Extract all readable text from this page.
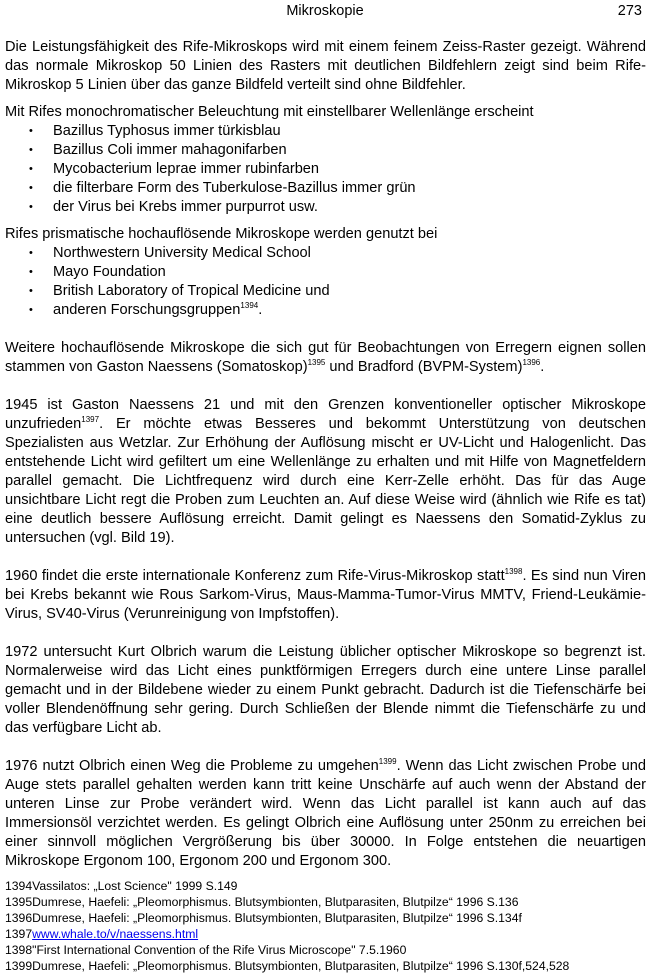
Mikroskopie	273

Die Leistungsfähigkeit des Rife-Mikroskops wird mit einem feinem Zeiss-Raster gezeigt. Während das normale Mikroskop 50 Linien des Rasters mit deutlichen Bildfehlern zeigt sind beim Rife-Mikroskop 5 Linien über das ganze Bildfeld verteilt sind ohne Bildfehler.

Mit Rifes monochromatischer Beleuchtung mit einstellbarer Wellenlänge erscheint

• Bazillus Typhosus immer türkisblau
• Bazillus Coli immer mahagonifarben
• Mycobacterium leprae immer rubinfarben
• die filterbare Form des Tuberkulose-Bazillus immer grün
• der Virus bei Krebs immer purpurrot usw.

Rifes prismatische hochauflösende Mikroskope werden genutzt bei

• Northwestern University Medical School
• Mayo Foundation
• British Laboratory of Tropical Medicine und
• anderen Forschungsgruppen$^{1394}$.

Weitere hochauflösende Mikroskope die sich gut für Beobachtungen von Erregern eignen sollen stammen von Gaston Naessens (Somatoskop)$^{1395}$ und Bradford (BVPM-System)$^{1396}$.

1945 ist Gaston Naessens 21 und mit den Grenzen konventioneller optischer Mikroskope unzufrieden$^{1397}$. Er möchte etwas Besseres und bekommt Unterstützung von deutschen Spezialisten aus Wetzlar. Zur Erhöhung der Auflösung mischt er UV-Licht und Halogenlicht. Das entstehende Licht wird gefiltert um eine Wellenlänge zu erhalten und mit Hilfe von Magnetfeldern parallel gemacht. Die Lichtfrequenz wird durch eine Kerr-Zelle erhöht. Das für das Auge unsichtbare Licht regt die Proben zum Leuchten an. Auf diese Weise wird (ähnlich wie Rife es tat) eine deutlich bessere Auflösung erreicht. Damit gelingt es Naessens den Somatid-Zyklus zu untersuchen (vgl. Bild 19).

1960 findet die erste internationale Konferenz zum Rife-Virus-Mikroskop statt$^{1398}$. Es sind nun Viren bei Krebs bekannt wie Rous Sarkom-Virus, Maus-Mamma-Tumor-Virus MMTV, Friend-Leukämie-Virus, SV40-Virus (Verunreinigung von Impfstoffen).

1972 untersucht Kurt Olbrich warum die Leistung üblicher optischer Mikroskope so begrenzt ist. Normalerweise wird das Licht eines punktförmigen Erregers durch eine untere Linse parallel gemacht und in der Bildebene wieder zu einem Punkt gebracht. Dadurch ist die Tiefenschärfe bei voller Blendenöffnung sehr gering. Durch Schließen der Blende nimmt die Tiefenschärfe zu und das verfügbare Licht ab.

1976 nutzt Olbrich einen Weg die Probleme zu umgehen$^{1399}$. Wenn das Licht zwischen Probe und Auge stets parallel gehalten werden kann tritt keine Unschärfe auf auch wenn der Abstand der unteren Linse zur Probe verändert wird. Wenn das Licht parallel ist kann auch auf das Immersionsöl verzichtet werden. Es gelingt Olbrich eine Auflösung unter 250nm zu erreichen bei einer sinnvoll möglichen Vergrößerung bis über 30000. In Folge entstehen die neuartigen Mikroskope Ergonom 100, Ergonom 200 und Ergonom 300.

1394Vassilatos: „Lost Science" 1999 S.149
1395Dumrese, Haefeli: „Pleomorphismus. Blutsymbionten, Blutparasiten, Blutpilze“ 1996 S.136
1396Dumrese, Haefeli: „Pleomorphismus. Blutsymbionten, Blutparasiten, Blutpilze“ 1996 S.134f
1397www.whale.to/v/naessens.html
1398"First International Convention of the Rife Virus Microscope" 7.5.1960
1399Dumrese, Haefeli: „Pleomorphismus. Blutsymbionten, Blutparasiten, Blutpilze“ 1996 S.130f,524,528
